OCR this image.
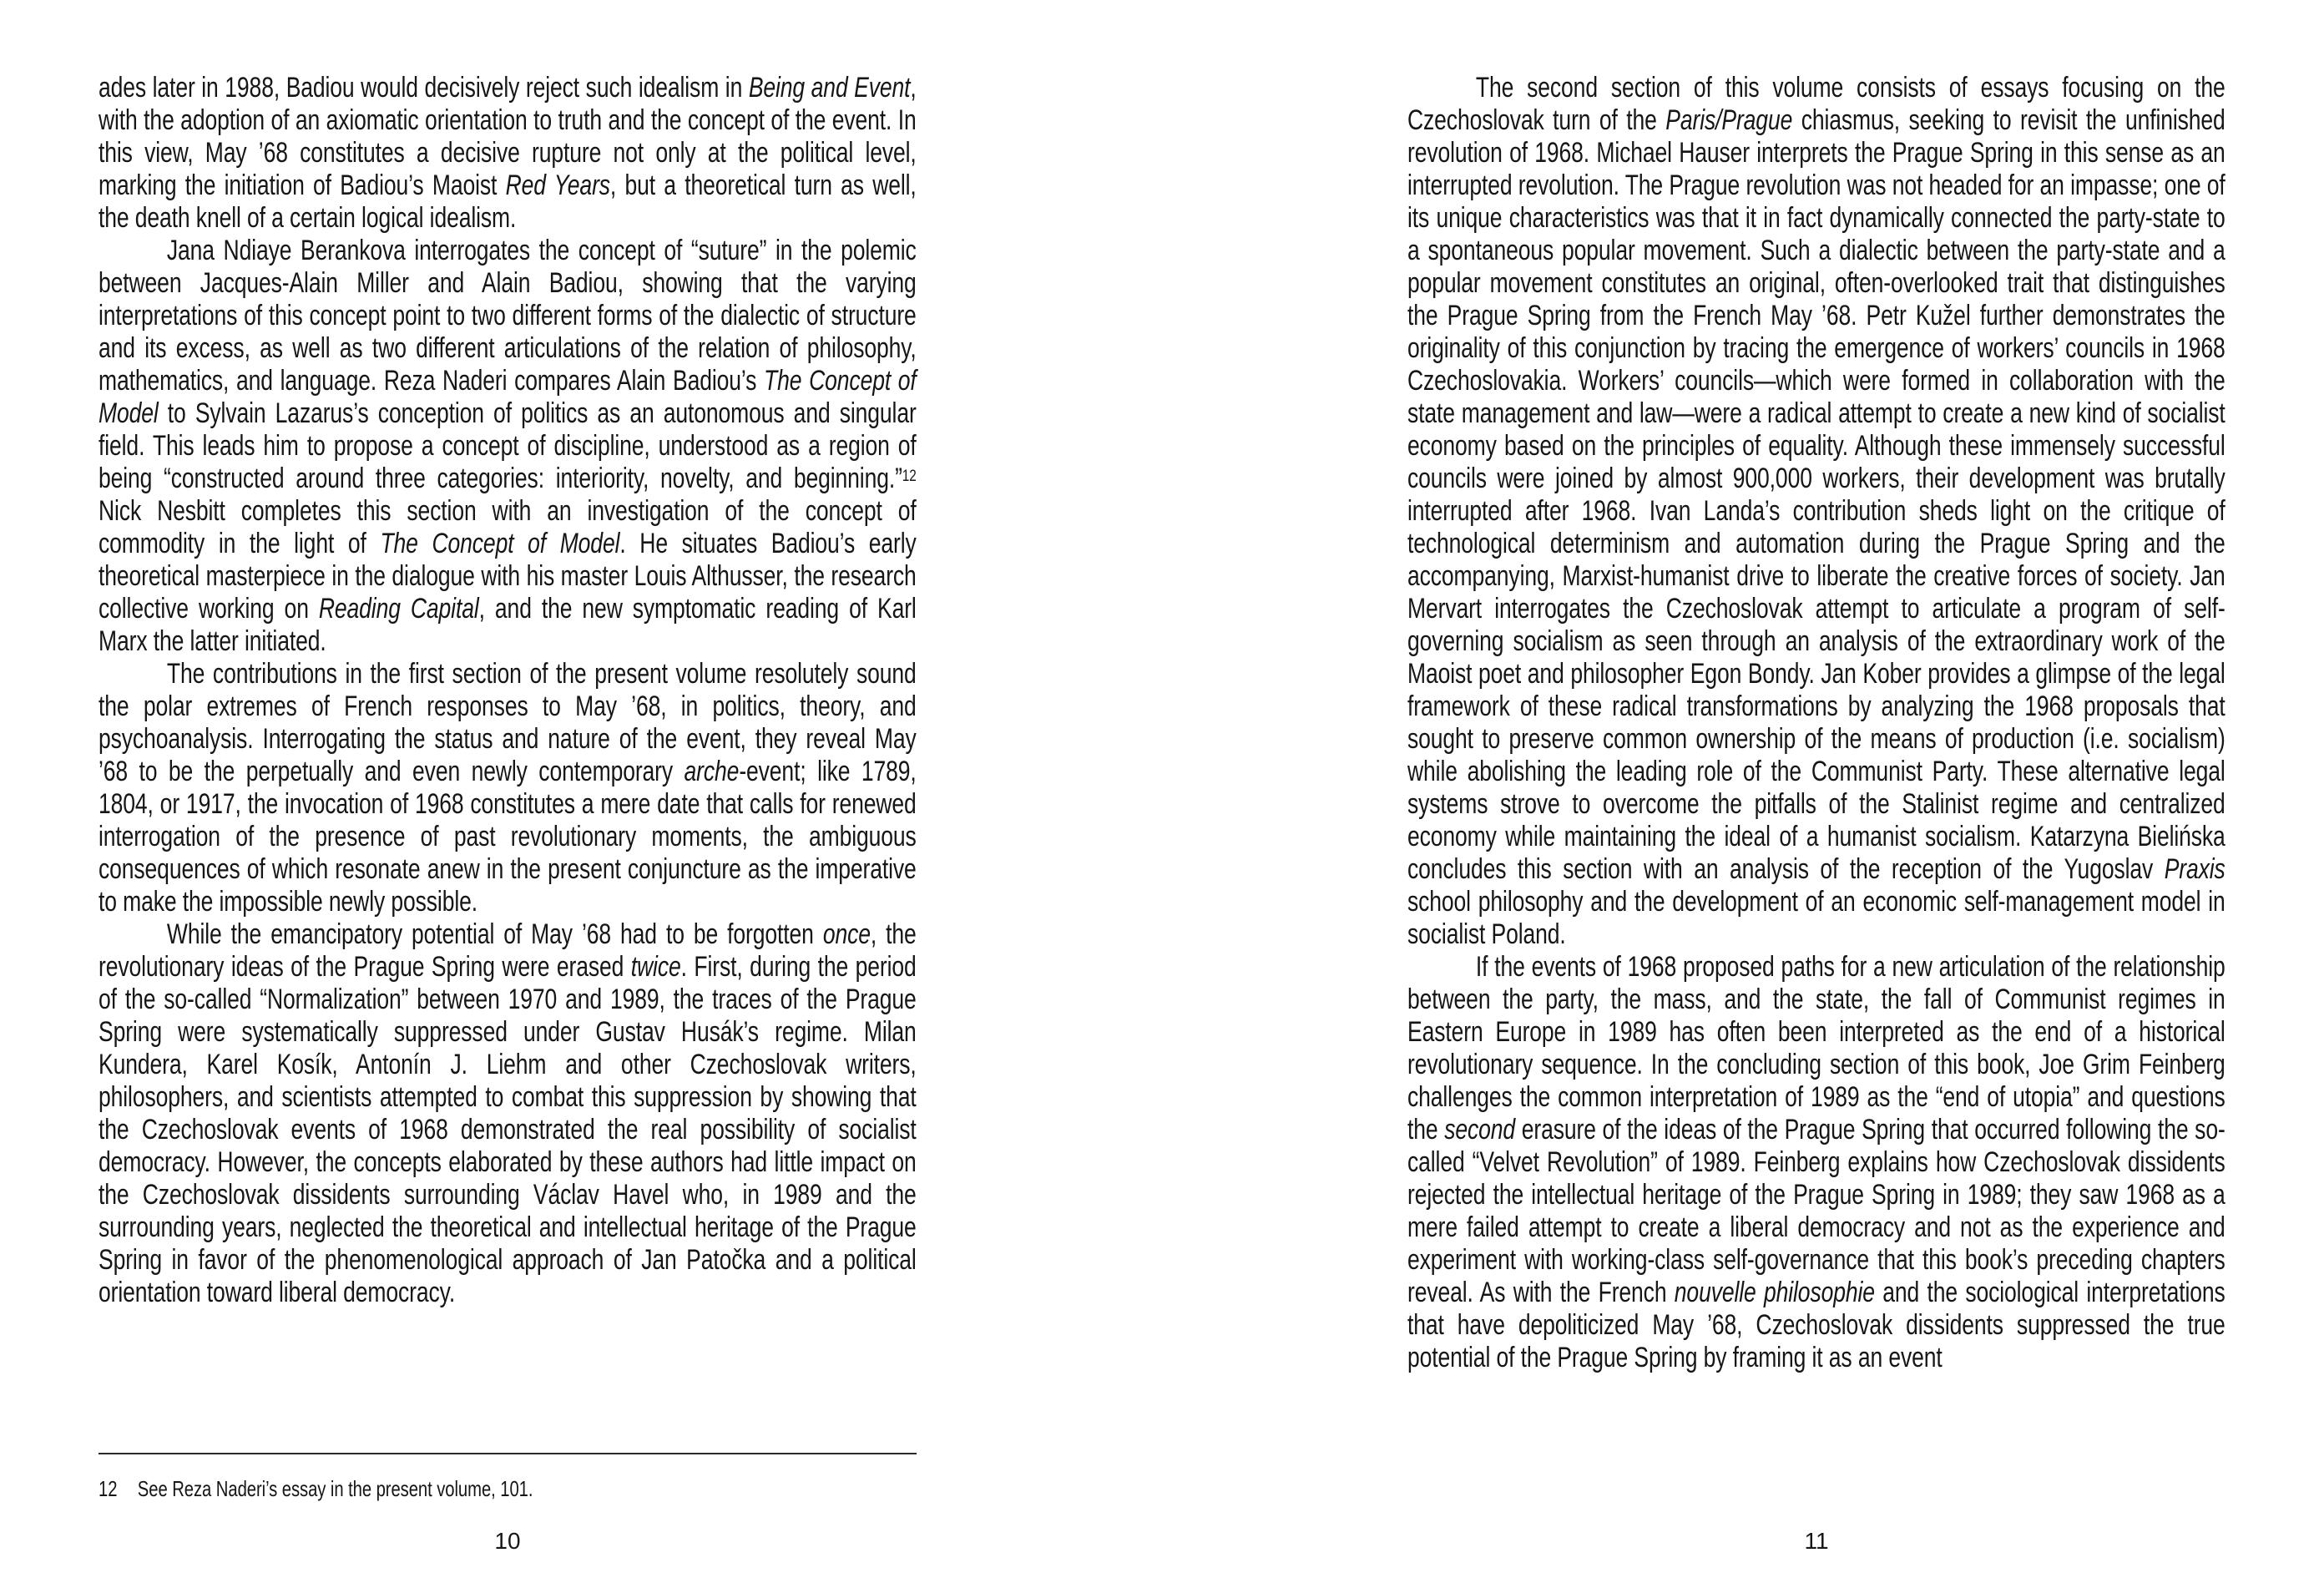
ades later in 1988, Badiou would decisively reject such idealism in Being and Event, with the adoption of an axiomatic orientation to truth and the concept of the event. In this view, May ’68 constitutes a decisive rupture not only at the political level, marking the initiation of Badiou’s Maoist Red Years, but a theoretical turn as well, the death knell of a certain logical idealism.

Jana Ndiaye Berankova interrogates the concept of “suture” in the polemic between Jacques-Alain Miller and Alain Badiou, showing that the varying interpretations of this concept point to two different forms of the dialectic of structure and its excess, as well as two different articulations of the relation of philosophy, mathematics, and language. Reza Naderi compares Alain Badiou’s The Concept of Model to Sylvain Lazarus’s conception of politics as an autonomous and singular field. This leads him to propose a concept of discipline, understood as a region of being “constructed around three categories: interiority, novelty, and beginning.”$^{12}$ Nick Nesbitt completes this section with an investigation of the concept of commodity in the light of The Concept of Model. He situates Badiou’s early theoretical masterpiece in the dialogue with his master Louis Althusser, the research collective working on Reading Capital, and the new symptomatic reading of Karl Marx the latter initiated.

The contributions in the first section of the present volume resolutely sound the polar extremes of French responses to May ’68, in politics, theory, and psychoanalysis. Interrogating the status and nature of the event, they reveal May ’68 to be the perpetually and even newly contemporary arche-event; like 1789, 1804, or 1917, the invocation of 1968 constitutes a mere date that calls for renewed interrogation of the presence of past revolutionary moments, the ambiguous consequences of which resonate anew in the present conjuncture as the imperative to make the impossible newly possible.

While the emancipatory potential of May ’68 had to be forgotten once, the revolutionary ideas of the Prague Spring were erased twice. First, during the period of the so-called “Normalization” between 1970 and 1989, the traces of the Prague Spring were systematically suppressed under Gustav Husák’s regime. Milan Kundera, Karel Kosík, Antonín J. Liehm and other Czechoslovak writers, philosophers, and scientists attempted to combat this suppression by showing that the Czechoslovak events of 1968 demonstrated the real possibility of socialist democracy. However, the concepts elaborated by these authors had little impact on the Czechoslovak dissidents surrounding Václav Havel who, in 1989 and the surrounding years, neglected the theoretical and intellectual heritage of the Prague Spring in favor of the phenomenological approach of Jan Patočka and a political orientation toward liberal democracy.

12 See Reza Naderi’s essay in the present volume, 101.
10

The second section of this volume consists of essays focusing on the Czechoslovak turn of the Paris/Prague chiasmus, seeking to revisit the unfinished revolution of 1968. Michael Hauser interprets the Prague Spring in this sense as an interrupted revolution. The Prague revolution was not headed for an impasse; one of its unique characteristics was that it in fact dynamically connected the party-state to a spontaneous popular movement. Such a dialectic between the party-state and a popular movement constitutes an original, often-overlooked trait that distinguishes the Prague Spring from the French May ’68. Petr Kužel further demonstrates the originality of this conjunction by tracing the emergence of workers’ councils in 1968 Czechoslovakia. Workers’ councils—which were formed in collaboration with the state management and law—were a radical attempt to create a new kind of socialist economy based on the principles of equality. Although these immensely successful councils were joined by almost 900,000 workers, their development was brutally interrupted after 1968. Ivan Landa’s contribution sheds light on the critique of technological determinism and automation during the Prague Spring and the accompanying, Marxist-humanist drive to liberate the creative forces of society. Jan Mervart interrogates the Czechoslovak attempt to articulate a program of self-governing socialism as seen through an analysis of the extraordinary work of the Maoist poet and philosopher Egon Bondy. Jan Kober provides a glimpse of the legal framework of these radical transformations by analyzing the 1968 proposals that sought to preserve common ownership of the means of production (i.e. socialism) while abolishing the leading role of the Communist Party. These alternative legal systems strove to overcome the pitfalls of the Stalinist regime and centralized economy while maintaining the ideal of a humanist socialism. Katarzyna Bielińska concludes this section with an analysis of the reception of the Yugoslav Praxis school philosophy and the development of an economic self-management model in socialist Poland.

If the events of 1968 proposed paths for a new articulation of the relationship between the party, the mass, and the state, the fall of Communist regimes in Eastern Europe in 1989 has often been interpreted as the end of a historical revolutionary sequence. In the concluding section of this book, Joe Grim Feinberg challenges the common interpretation of 1989 as the “end of utopia” and questions the second erasure of the ideas of the Prague Spring that occurred following the so-called “Velvet Revolution” of 1989. Feinberg explains how Czechoslovak dissidents rejected the intellectual heritage of the Prague Spring in 1989; they saw 1968 as a mere failed attempt to create a liberal democracy and not as the experience and experiment with working-class self-governance that this book’s preceding chapters reveal. As with the French nouvelle philosophie and the sociological interpretations that have depoliticized May ’68, Czechoslovak dissidents suppressed the true potential of the Prague Spring by framing it as an event

11
